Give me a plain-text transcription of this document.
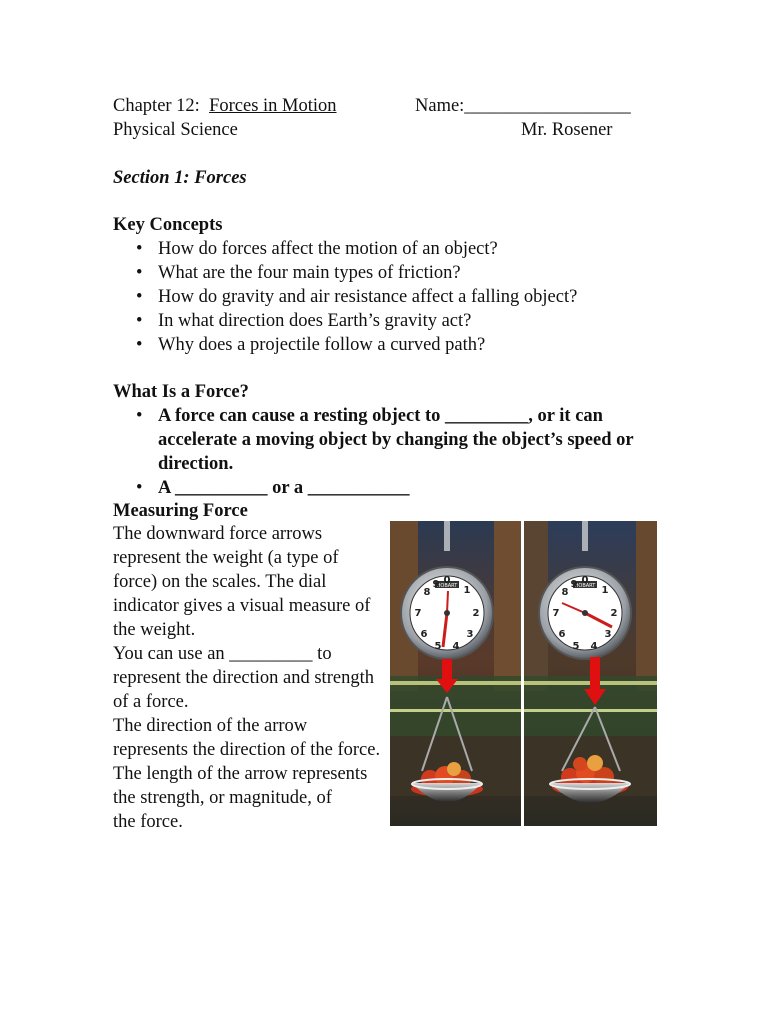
Chapter 12:  Forces in Motion	Name:__________________
Physical Science	Mr. Rosener
Section 1: Forces
Key Concepts
• How do forces affect the motion of an object?
• What are the four main types of friction?
• How do gravity and air resistance affect a falling object?
• In what direction does Earth’s gravity act?
• Why does a projectile follow a curved path?
What Is a Force?
• A force can cause a resting object to _________, or it can accelerate a moving object by changing the object’s speed or direction.
• A __________ or a ___________
Measuring Force

The downward force arrows represent the weight (a type of force) on the scales. The dial indicator gives a visual measure of the weight.

You can use an _________ to represent the direction and strength of a force.

The direction of the arrow represents the direction of the force.

The length of the arrow represents the strength, or magnitude, of

the force.

HOBART
0
1
2
3
4
5
6
7
8
9	HOBART
0
1
2
3
4
5
6
7
8
9
